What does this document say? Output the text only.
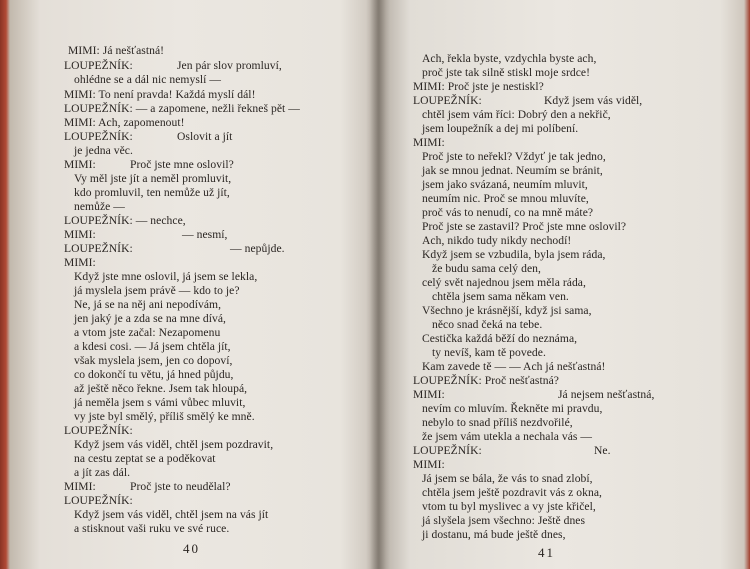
MIMI: Já nešťastná!
LOUPEŽNÍK:	Jen pár slov promluví,
ohlédne se a dál nic nemyslí —
MIMI: To není pravda! Každá myslí dál!
LOUPEŽNÍK: — a zapomene, nežli řekneš pět —
MIMI: Ach, zapomenout!
LOUPEŽNÍK:	Oslovit a jít
je jedna věc.
MIMI:	Proč jste mne oslovil?
Vy měl jste jít a neměl promluvit,
kdo promluvil, ten nemůže už jít,
nemůže —
LOUPEŽNÍK: — nechce,
MIMI:	— nesmí,
LOUPEŽNÍK:	— nepůjde.
MIMI:
Když jste mne oslovil, já jsem se lekla,
já myslela jsem právě — kdo to je?
Ne, já se na něj ani nepodívám,
jen jaký je a zda se na mne dívá,
a vtom jste začal: Nezapomenu
a kdesi cosi. — Já jsem chtěla jít,
však myslela jsem, jen co dopoví,
co dokončí tu větu, já hned půjdu,
až ještě něco řekne. Jsem tak hloupá,
já neměla jsem s vámi vůbec mluvit,
vy jste byl smělý, příliš smělý ke mně.
LOUPEŽNÍK:
Když jsem vás viděl, chtěl jsem pozdravit,
na cestu zeptat se a poděkovat
a jít zas dál.
MIMI:	Proč jste to neudělal?
LOUPEŽNÍK:
Když jsem vás viděl, chtěl jsem na vás jít
a stisknout vaši ruku ve své ruce.
40
Ach, řekla byste, vzdychla byste ach,
proč jste tak silně stiskl moje srdce!
MIMI: Proč jste je nestiskl?
LOUPEŽNÍK:	Když jsem vás viděl,
chtěl jsem vám říci: Dobrý den a nekřič,
jsem loupežník a dej mi políbení.
MIMI:
Proč jste to neřekl? Vždyť je tak jedno,
jak se mnou jednat. Neumím se bránit,
jsem jako svázaná, neumím mluvit,
neumím nic. Proč se mnou mluvíte,
proč vás to nenudí, co na mně máte?
Proč jste se zastavil? Proč jste mne oslovil?
Ach, nikdo tudy nikdy nechodí!
Když jsem se vzbudila, byla jsem ráda,
že budu sama celý den,
celý svět najednou jsem měla ráda,
chtěla jsem sama někam ven.
Všechno je krásnější, když jsi sama,
něco snad čeká na tebe.
Cestička každá běží do neznáma,
ty nevíš, kam tě povede.
Kam zavede tě — — Ach já nešťastná!
LOUPEŽNÍK: Proč nešťastná?
MIMI:	Já nejsem nešťastná,
nevím co mluvím. Řekněte mi pravdu,
nebylo to snad příliš nezdvořilé,
že jsem vám utekla a nechala vás —
LOUPEŽNÍK:	Ne.
MIMI:
Já jsem se bála, že vás to snad zlobí,
chtěla jsem ještě pozdravit vás z okna,
vtom tu byl myslivec a vy jste křičel,
já slyšela jsem všechno: Ještě dnes
ji dostanu, má bude ještě dnes,
41
